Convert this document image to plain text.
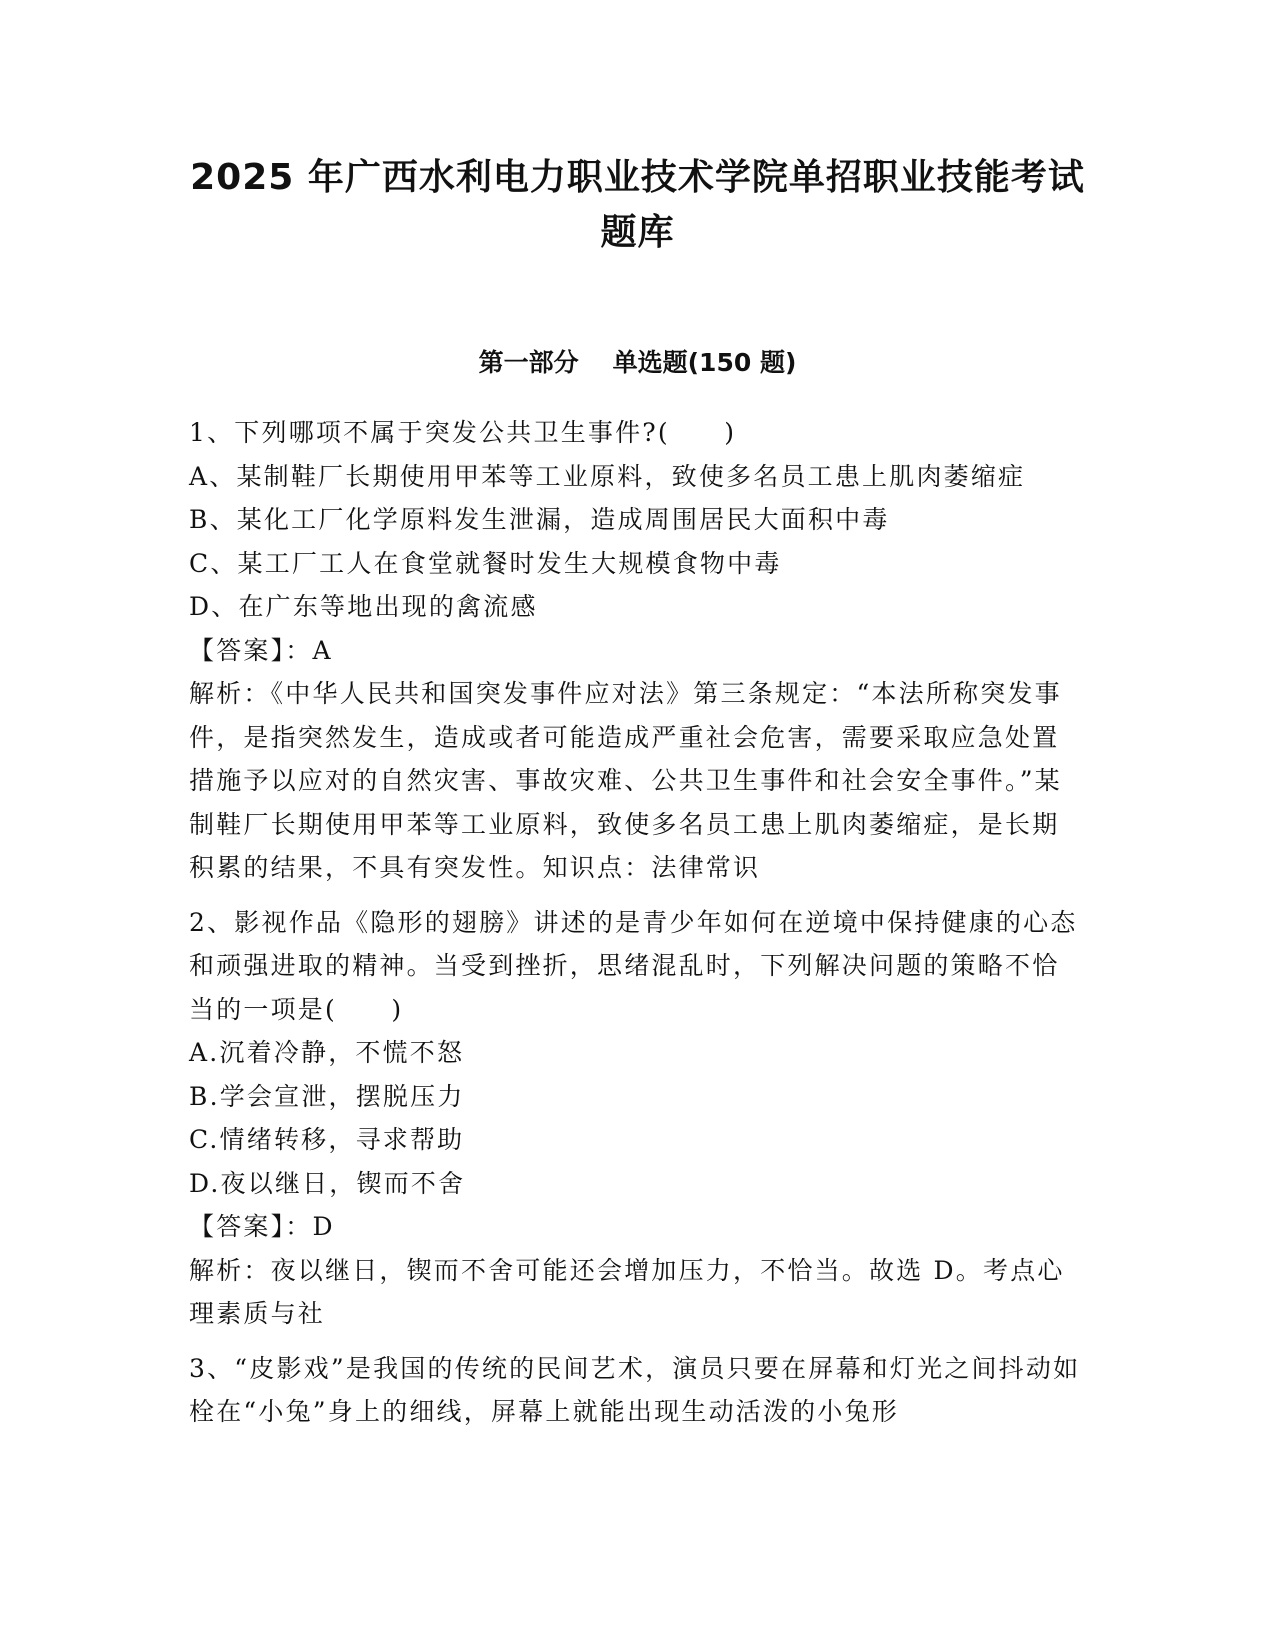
2025 年广西水利电力职业技术学院单招职业技能考试
题库
第一部分 单选题(150 题)
1、下列哪项不属于突发公共卫生事件?(　　)
A、某制鞋厂长期使用甲苯等工业原料，致使多名员工患上肌肉萎缩症
B、某化工厂化学原料发生泄漏，造成周围居民大面积中毒
C、某工厂工人在食堂就餐时发生大规模食物中毒
D、在广东等地出现的禽流感
【答案】：A
解析：《中华人民共和国突发事件应对法》第三条规定：“本法所称突发事件，是指突然发生，造成或者可能造成严重社会危害，需要采取应急处置措施予以应对的自然灾害、事故灾难、公共卫生事件和社会安全事件。”某制鞋厂长期使用甲苯等工业原料，致使多名员工患上肌肉萎缩症，是长期积累的结果，不具有突发性。知识点：法律常识
2、影视作品《隐形的翅膀》讲述的是青少年如何在逆境中保持健康的心态和顽强进取的精神。当受到挫折，思绪混乱时，下列解决问题的策略不恰当的一项是(　　)
A.沉着冷静，不慌不怒
B.学会宣泄，摆脱压力
C.情绪转移，寻求帮助
D.夜以继日，锲而不舍
【答案】：D
解析：夜以继日，锲而不舍可能还会增加压力，不恰当。故选 D。考点心理素质与社
3、“皮影戏”是我国的传统的民间艺术，演员只要在屏幕和灯光之间抖动如栓在“小兔”身上的细线，屏幕上就能出现生动活泼的小兔形
